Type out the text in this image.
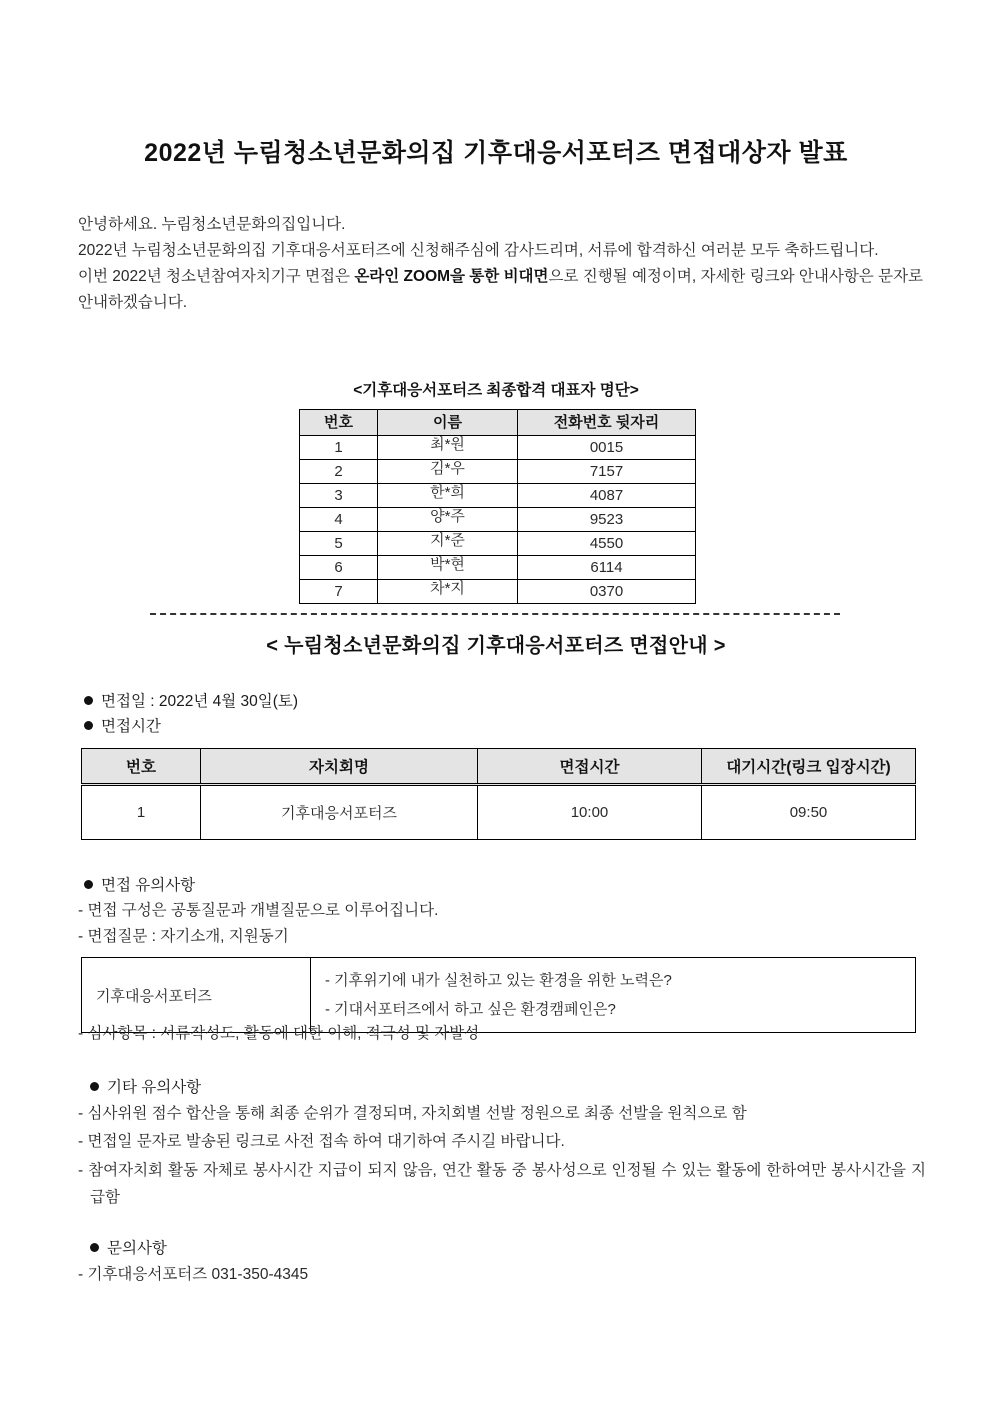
2022년 누림청소년문화의집 기후대응서포터즈 면접대상자 발표

안녕하세요. 누림청소년문화의집입니다.

2022년 누림청소년문화의집 기후대응서포터즈에 신청해주심에 감사드리며, 서류에 합격하신 여러분 모두 축하드립니다.

이번 2022년 청소년참여자치기구 면접은 온라인 ZOOM을 통한 비대면으로 진행될 예정이며, 자세한 링크와 안내사항은 문자로 안내하겠습니다.

<기후대응서포터즈 최종합격 대표자 명단>
번호	이름	전화번호 뒷자리
1	최*원	0015
2	김*우	7157
3	한*희	4087
4	양*주	9523
5	지*준	4550
6	박*현	6114
7	차*지	0370
< 누림청소년문화의집 기후대응서포터즈 면접안내 >
면접일 : 2022년 4월 30일(토)
면접시간
번호	자치회명	면접시간	대기시간(링크 입장시간)
1	기후대응서포터즈	10:00	09:50
면접 유의사항
- 면접 구성은 공통질문과 개별질문으로 이루어집니다.
- 면접질문 : 자기소개, 지원동기
기후대응서포터즈	
- 기후위기에 내가 실천하고 있는 환경을 위한 노력은?
- 기대서포터즈에서 하고 싶은 환경캠페인은?
- 심사항목 : 서류작성도, 활동에 대한 이해, 적극성 및 자발성
기타 유의사항
- 심사위원 점수 합산을 통해 최종 순위가 결정되며, 자치회별 선발 정원으로 최종 선발을 원칙으로 함
- 면접일 문자로 발송된 링크로 사전 접속 하여 대기하여 주시길 바랍니다.
- 참여자치회 활동 자체로 봉사시간 지급이 되지 않음, 연간 활동 중 봉사성으로 인정될 수 있는 활동에 한하여만 봉사시간을 지급함
문의사항
- 기후대응서포터즈 031-350-4345
